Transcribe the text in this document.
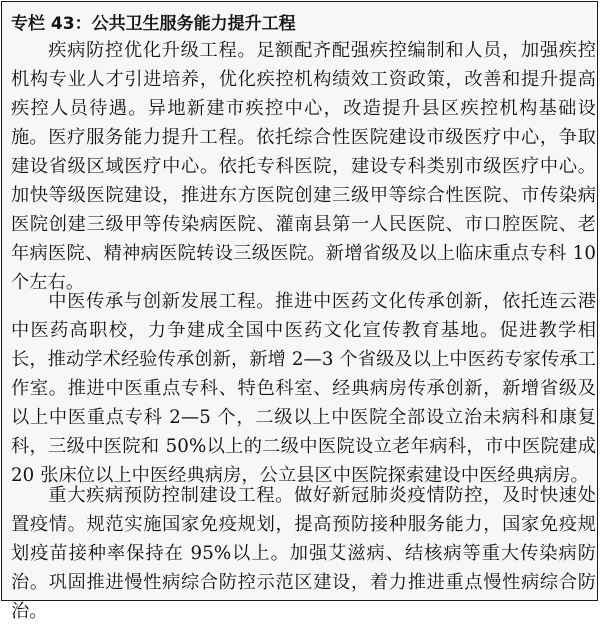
专栏 43：公共卫生服务能力提升工程

疾病防控优化升级工程。足额配齐配强疾控编制和人员，加强疾控机构专业人才引进培养，优化疾控机构绩效工资政策，改善和提升提高疾控人员待遇。异地新建市疾控中心，改造提升县区疾控机构基础设施。 医疗服务能力提升工程。依托综合性医院建设市级医疗中心，争取建设省级区域医疗中心。依托专科医院，建设专科类别市级医疗中心。加快等级医院建设，推进东方医院创建三级甲等综合性医院、市传染病医院创建三级甲等传染病医院、灌南县第一人民医院、市口腔医院、老年病医院、精神病医院转设三级医院。新增省级及以上临床重点专科 10 个左右。

中医传承与创新发展工程。推进中医药文化传承创新，依托连云港中医药高职校，力争建成全国中医药文化宣传教育基地。促进教学相长，推动学术经验传承创新，新增 2—3 个省级及以上中医药专家传承工作室。推进中医重点专科、特色科室、经典病房传承创新，新增省级及以上中医重点专科 2—5 个，二级以上中医院全部设立治未病科和康复科，三级中医院和 50%以上的二级中医院设立老年病科，市中医院建成 20 张床位以上中医经典病房，公立县区中医院探索建设中医经典病房。

重大疾病预防控制建设工程。做好新冠肺炎疫情防控，及时快速处置疫情。规范实施国家免疫规划，提高预防接种服务能力，国家免疫规划疫苗接种率保持在 95%以上。加强艾滋病、结核病等重大传染病防治。巩固推进慢性病综合防控示范区建设，着力推进重点慢性病综合防治。
